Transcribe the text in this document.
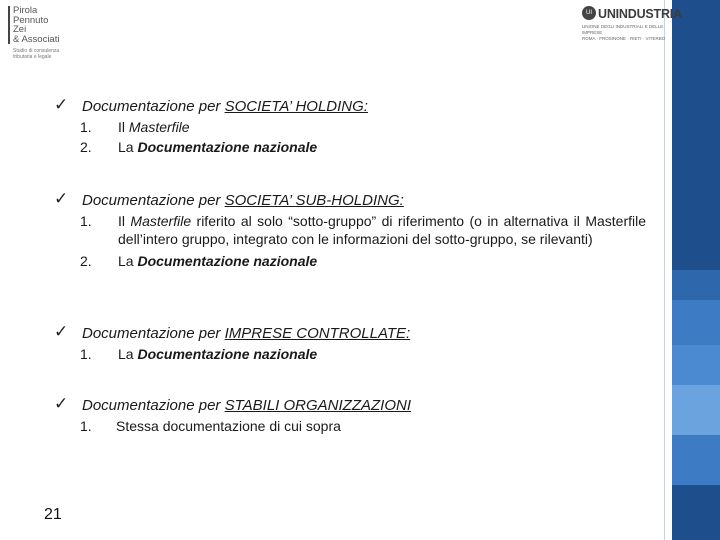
Pirola
Pennuto
Zei
& Associati
Studio di consulenza
tributaria e legale
UI UNINDUSTRIA
UNIONE DEGLI INDUSTRIALI E DELLE IMPRESE
ROMA · FROSINONE · RIETI · VITERBO
✓ Documentazione per SOCIETA’ HOLDING:
1. Il Masterfile
2. La Documentazione nazionale
✓ Documentazione per SOCIETA’ SUB-HOLDING:
1. Il Masterfile riferito al solo “sotto-gruppo” di riferimento (o in alternativa il Masterfile dell’intero gruppo, integrato con le informazioni del sotto-gruppo, se rilevanti)
2. La Documentazione nazionale
✓ Documentazione per IMPRESE CONTROLLATE:
1. La Documentazione nazionale
✓ Documentazione per STABILI ORGANIZZAZIONI
1. Stessa documentazione di cui sopra
21
